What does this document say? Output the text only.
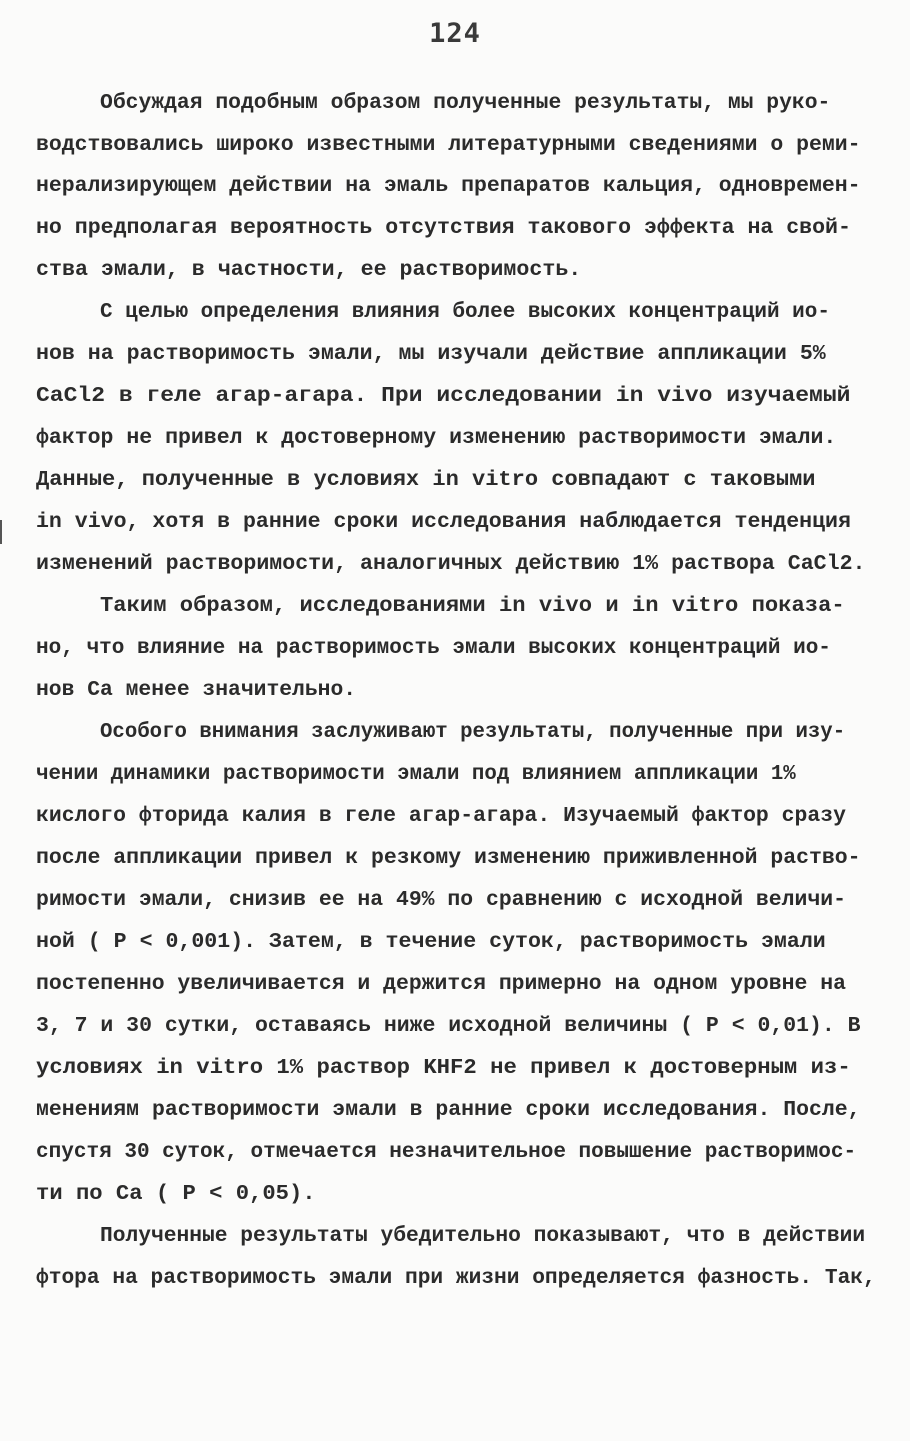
124

Обсуждая подобным образом полученные результаты, мы руко-

водствовались широко известными литературными сведениями о реми-

нерализирующем действии на эмаль препаратов кальция, одновремен-

но предполагая вероятность отсутствия такового эффекта на свой-

ства эмали, в частности, ее растворимость.

С целью определения влияния более высоких концентраций ио-

нов на растворимость эмали, мы изучали действие аппликации 5%

CaCl2 в геле агар-агара. При исследовании in vivo изучаемый

фактор не привел к достоверному изменению растворимости эмали.

Данные, полученные в условиях in vitro совпадают с таковыми

in vivo, хотя в ранние сроки исследования наблюдается тенденция

изменений растворимости, аналогичных действию 1% раствора CaCl2.

Таким образом, исследованиями in vivo и in vitro показа-

но, что влияние на растворимость эмали высоких концентраций ио-

нов Ca менее значительно.

Особого внимания заслуживают результаты, полученные при изу-

чении динамики растворимости эмали под влиянием аппликации 1%

кислого фторида калия в геле агар-агара. Изучаемый фактор сразу

после аппликации привел к резкому изменению приживленной раство-

римости эмали, снизив ее на 49% по сравнению с исходной величи-

ной ( P < 0,001). Затем, в течение суток, растворимость эмали

постепенно увеличивается и держится примерно на одном уровне на

3, 7 и 30 сутки, оставаясь ниже исходной величины ( P < 0,01). В

условиях in vitro 1% раствор KHF2 не привел к достоверным из-

менениям растворимости эмали в ранние сроки исследования. После,

спустя 30 суток, отмечается незначительное повышение растворимос-

ти по Ca ( P < 0,05).

Полученные результаты убедительно показывают, что в действии

фтора на растворимость эмали при жизни определяется фазность. Так,
